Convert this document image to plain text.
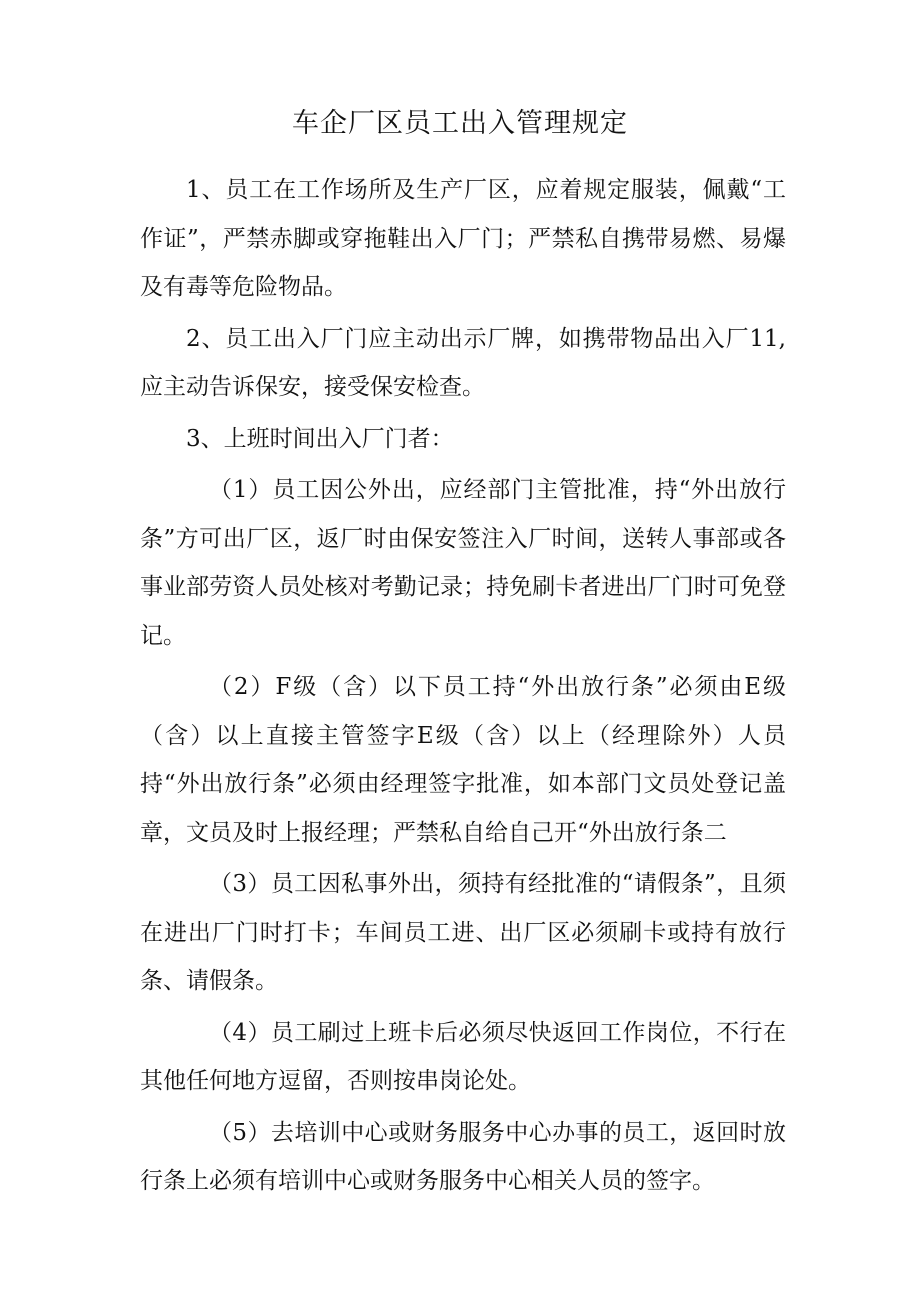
车企厂区员工出入管理规定

1、员工在工作场所及生产厂区，应着规定服装，佩戴“工作证”，严禁赤脚或穿拖鞋出入厂门；严禁私自携带易燃、易爆及有毒等危险物品。

2、员工出入厂门应主动出示厂牌，如携带物品出入厂11,应主动告诉保安，接受保安检查。

3、上班时间出入厂门者：

（1）员工因公外出，应经部门主管批准，持“外出放行条”方可出厂区，返厂时由保安签注入厂时间，送转人事部或各事业部劳资人员处核对考勤记录；持免刷卡者进出厂门时可免登记。

（2）F级（含）以下员工持“外出放行条”必须由E级（含）以上直接主管签字E级（含）以上（经理除外）人员持“外出放行条”必须由经理签字批准，如本部门文员处登记盖章，文员及时上报经理；严禁私自给自己开“外出放行条二

（3）员工因私事外出，须持有经批准的“请假条”，且须在进出厂门时打卡；车间员工进、出厂区必须刷卡或持有放行条、请假条。

（4）员工刷过上班卡后必须尽快返回工作岗位，不行在其他任何地方逗留，否则按串岗论处。

（5）去培训中心或财务服务中心办事的员工，返回时放行条上必须有培训中心或财务服务中心相关人员的签字。
